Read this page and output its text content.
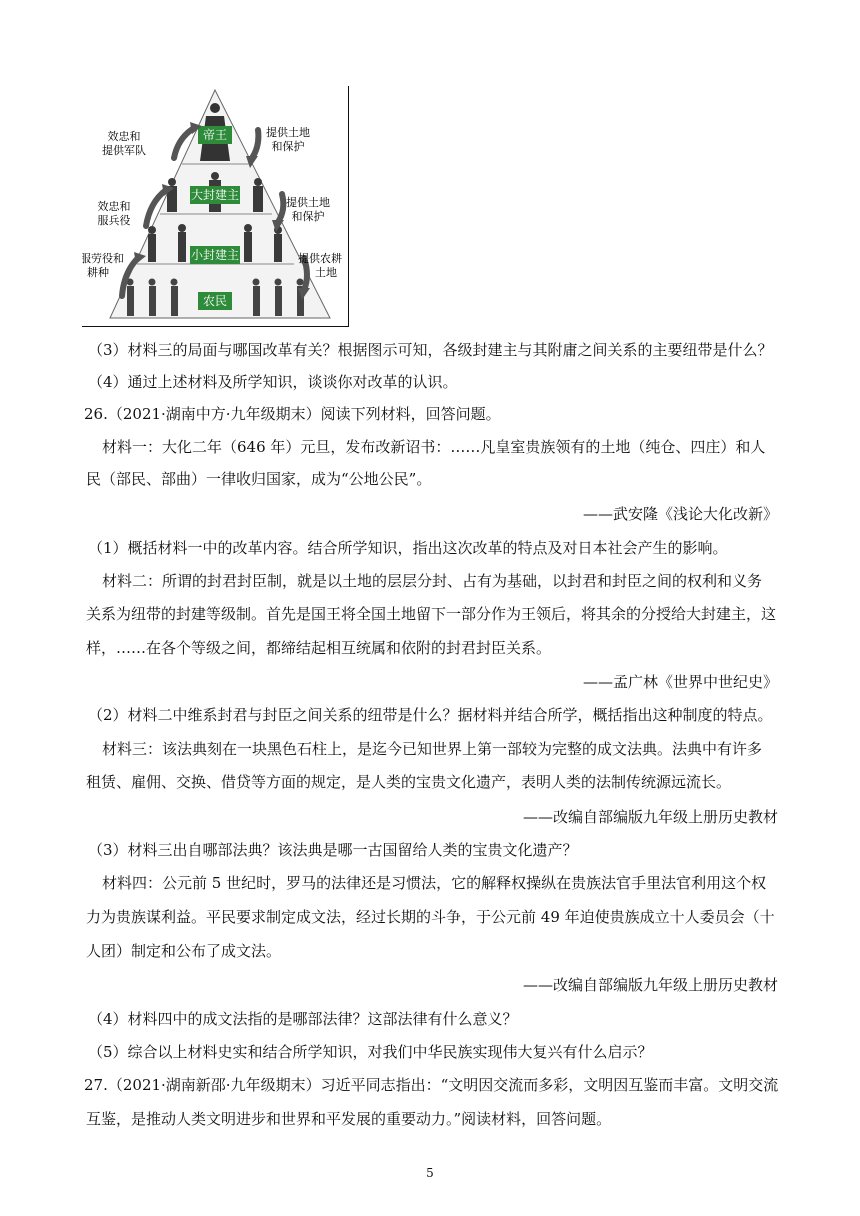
帝王
大封建主
小封建主
农民
效忠和
提供军队
效忠和
服兵役
服劳役和
耕种
提供土地
和保护
提供土地
和保护
提供农耕
土地
（3）材料三的局面与哪国改革有关？根据图示可知，各级封建主与其附庸之间关系的主要纽带是什么？
（4）通过上述材料及所学知识，谈谈你对改革的认识。
26.（2021·湖南中方·九年级期末）阅读下列材料，回答问题。
材料一：大化二年（646 年）元旦，发布改新诏书：……凡皇室贵族领有的土地（纯仓、四庄）和人
民（部民、部曲）一律收归国家，成为“公地公民”。
——武安隆《浅论大化改新》
（1）概括材料一中的改革内容。结合所学知识，指出这次改革的特点及对日本社会产生的影响。
材料二：所谓的封君封臣制，就是以土地的层层分封、占有为基础，以封君和封臣之间的权利和义务
关系为纽带的封建等级制。首先是国王将全国土地留下一部分作为王领后，将其余的分授给大封建主，这
样，……在各个等级之间，都缔结起相互统属和依附的封君封臣关系。
——孟广林《世界中世纪史》
（2）材料二中维系封君与封臣之间关系的纽带是什么？据材料并结合所学，概括指出这种制度的特点。
材料三：该法典刻在一块黑色石柱上，是迄今已知世界上第一部较为完整的成文法典。法典中有许多
租赁、雇佣、交换、借贷等方面的规定，是人类的宝贵文化遗产，表明人类的法制传统源远流长。
——改编自部编版九年级上册历史教材
（3）材料三出自哪部法典？该法典是哪一古国留给人类的宝贵文化遗产？
材料四：公元前 5 世纪时，罗马的法律还是习惯法，它的解释权操纵在贵族法官手里法官利用这个权
力为贵族谋利益。平民要求制定成文法，经过长期的斗争，于公元前 49 年迫使贵族成立十人委员会（十
人团）制定和公布了成文法。
——改编自部编版九年级上册历史教材
（4）材料四中的成文法指的是哪部法律？这部法律有什么意义？
（5）综合以上材料史实和结合所学知识，对我们中华民族实现伟大复兴有什么启示？
27.（2021·湖南新邵·九年级期末）习近平同志指出：“文明因交流而多彩，文明因互鉴而丰富。文明交流
互鉴，是推动人类文明进步和世界和平发展的重要动力。”阅读材料，回答问题。
5
